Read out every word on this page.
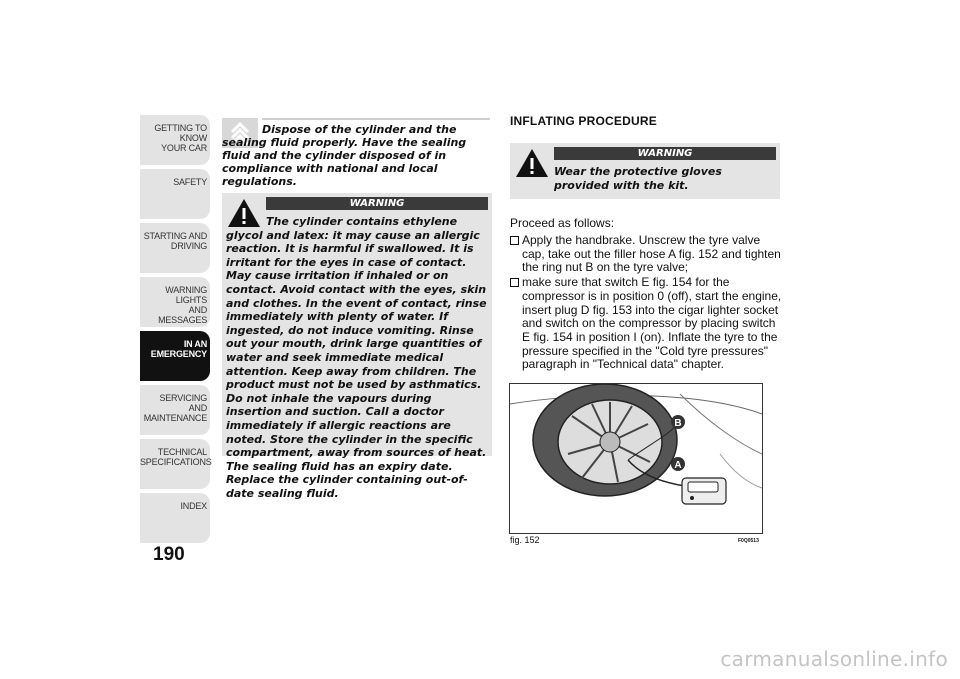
GETTING TO KNOW
YOUR CAR
SAFETY
STARTING AND
DRIVING
WARNING LIGHTS
AND MESSAGES
IN AN
EMERGENCY
SERVICING AND
MAINTENANCE
TECHNICAL
SPECIFICATIONS
INDEX
190
Dispose of the cylinder and the sealing fluid properly. Have the sealing fluid and the cylinder disposed of in compliance with national and local regulations.
WARNING
The cylinder contains ethylene glycol and latex: it may cause an allergic reaction. It is harmful if swallowed. It is irritant for the eyes in case of contact. May cause irritation if inhaled or on contact. Avoid contact with the eyes, skin and clothes. In the event of contact, rinse immediately with plenty of water. If ingested, do not induce vomiting. Rinse out your mouth, drink large quantities of water and seek immediate medical attention. Keep away from children. The product must not be used by asthmatics. Do not inhale the vapours during insertion and suction. Call a doctor immediately if allergic reactions are noted. Store the cylinder in the specific compartment, away from sources of heat. The sealing fluid has an expiry date. Replace the cylinder containing out-of-date sealing fluid.
INFLATING PROCEDURE
WARNING
Wear the protective gloves provided with the kit.
Proceed as follows:
Apply the handbrake. Unscrew the tyre valve cap, take out the filler hose A fig. 152 and tighten the ring nut B on the tyre valve;
make sure that switch E fig. 154 for the compressor is in position 0 (off), start the engine, insert plug D fig. 153 into the cigar lighter socket and switch on the compressor by placing switch E fig. 154 in position I (on). Inflate the tyre to the pressure specified in the "Cold tyre pressures" paragraph in "Technical data" chapter.
B
A
fig. 152	F0Q0513
carmanualsonline.info
